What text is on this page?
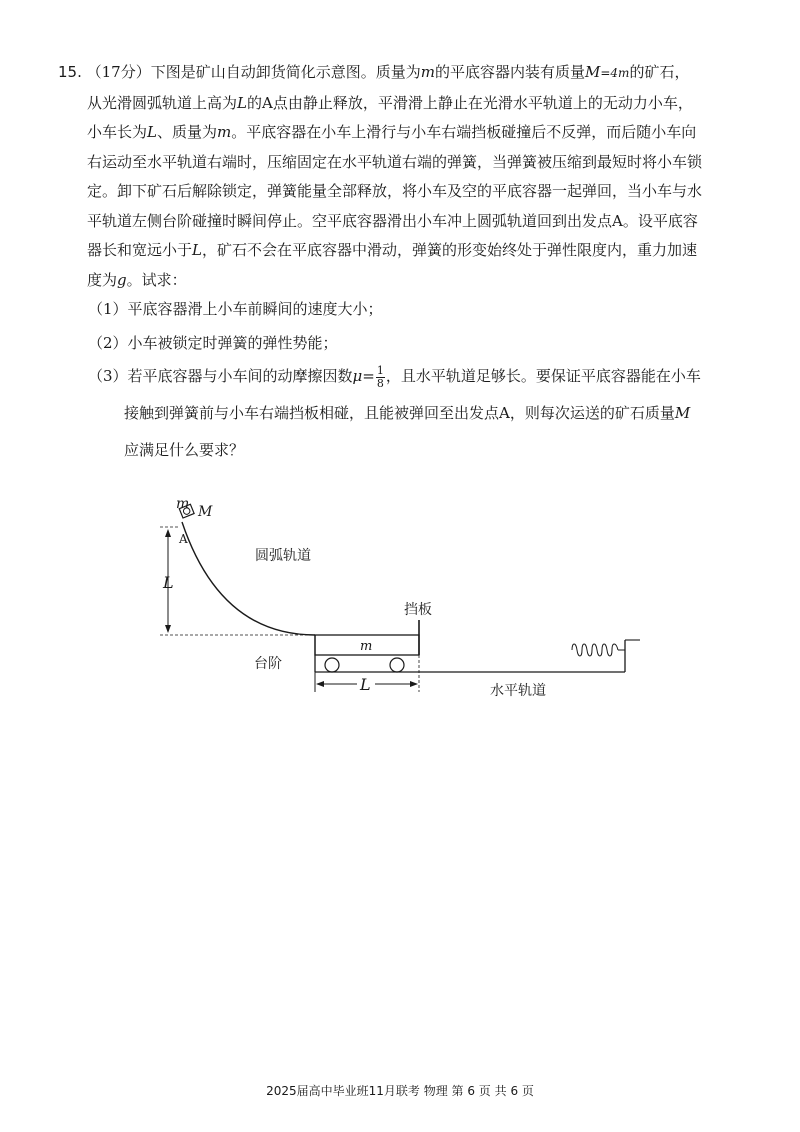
15. （17分）下图是矿山自动卸货简化示意图。质量为m的平底容器内装有质量M=4m的矿石，
从光滑圆弧轨道上高为L的A点由静止释放，平滑滑上静止在光滑水平轨道上的无动力小车，
小车长为L、质量为m。平底容器在小车上滑行与小车右端挡板碰撞后不反弹，而后随小车向
右运动至水平轨道右端时，压缩固定在水平轨道右端的弹簧，当弹簧被压缩到最短时将小车锁
定。卸下矿石后解除锁定，弹簧能量全部释放，将小车及空的平底容器一起弹回，当小车与水
平轨道左侧台阶碰撞时瞬间停止。空平底容器滑出小车冲上圆弧轨道回到出发点A。设平底容
器长和宽远小于L，矿石不会在平底容器中滑动，弹簧的形变始终处于弹性限度内，重力加速
度为g。试求：
（1）平底容器滑上小车前瞬间的速度大小；
（2）小车被锁定时弹簧的弹性势能；
（3）若平底容器与小车间的动摩擦因数$\mu= \frac{1}{8}$ ，且水平轨道足够长。要保证平底容器能在小车
接触到弹簧前与小车右端挡板相碰，且能被弹回至出发点A，则每次运送的矿石质量M
应满足什么要求？

m M
A
L
圆弧轨道
挡板
m
台阶
L	水平轨道
2025届高中毕业班11月联考 物理 第 6 页 共 6 页
